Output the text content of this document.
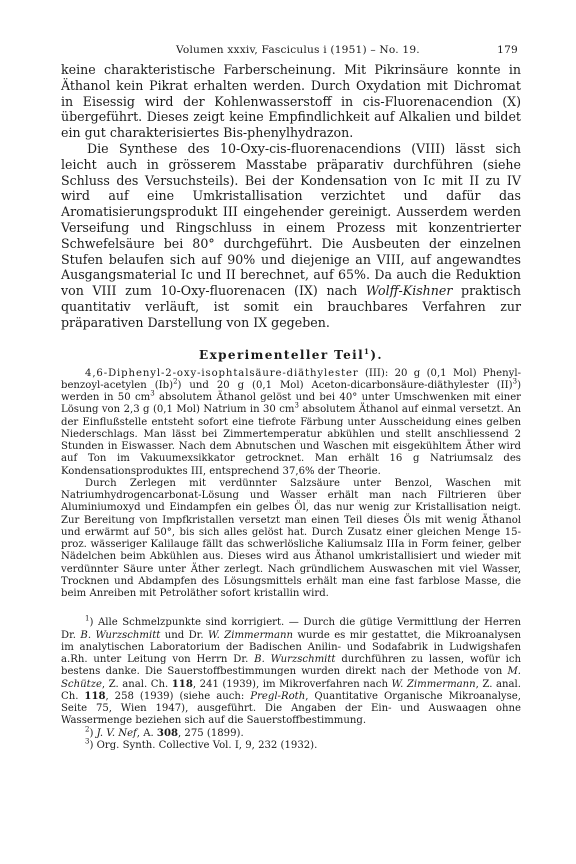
Volumen xxxiv, Fasciculus i (1951) – No. 19.	179

keine charakteristische Farberscheinung. Mit Pikrinsäure konnte in Äthanol kein Pikrat erhalten werden. Durch Oxydation mit Dichromat in Eisessig wird der Kohlenwasserstoff in cis-Fluorenacendion (X) übergeführt. Dieses zeigt keine Empfindlichkeit auf Alkalien und bildet ein gut charakterisiertes Bis-phenylhydrazon.

Die Synthese des 10-Oxy-cis-fluorenacendions (VIII) lässt sich leicht auch in grösserem Masstabe präparativ durchführen (siehe Schluss des Versuchsteils). Bei der Kondensation von Ic mit II zu IV wird auf eine Umkristallisation verzichtet und dafür das Aromatisierungsprodukt III eingehender gereinigt. Ausserdem werden Verseifung und Ringschluss in einem Prozess mit konzentrierter Schwefelsäure bei 80° durchgeführt. Die Ausbeuten der einzelnen Stufen belaufen sich auf 90% und diejenige an VIII, auf angewandtes Ausgangsmaterial Ic und II berechnet, auf 65%. Da auch die Reduktion von VIII zum 10-Oxy-fluorenacen (IX) nach Wolff-Kishner praktisch quantitativ verläuft, ist somit ein brauchbares Verfahren zur präparativen Darstellung von IX gegeben.

Experimenteller Teil$^1$).

4,6-Diphenyl-2-oxy-isophtalsäure-diäthylester (III): 20 g (0,1 Mol) Phenyl-benzoyl-acetylen $(Ib)^2$) und 20 g (0,1 Mol) Aceton-dicarbonsäure-diäthylester (II)$^3$) werden in 50 $cm^3$ absolutem Äthanol gelöst und bei 40° unter Umschwenken mit einer Lösung von 2,3 g (0,1 Mol) Natrium in 30 $cm^3$ absolutem Äthanol auf einmal versetzt. An der Einflußstelle entsteht sofort eine tiefrote Färbung unter Ausscheidung eines gelben Niederschlags. Man lässt bei Zimmertemperatur abkühlen und stellt anschliessend 2 Stunden in Eiswasser. Nach dem Abnutschen und Waschen mit eisgekühltem Äther wird auf Ton im Vakuumexsikkator getrocknet. Man erhält 16 g Natriumsalz des Kondensationsproduktes III, entsprechend 37,6% der Theorie.

Durch Zerlegen mit verdünnter Salzsäure unter Benzol, Waschen mit Natriumhydrogencarbonat-Lösung und Wasser erhält man nach Filtrieren über Aluminiumoxyd und Eindampfen ein gelbes Öl, das nur wenig zur Kristallisation neigt. Zur Bereitung von Impfkristallen versetzt man einen Teil dieses Öls mit wenig Äthanol und erwärmt auf 50°, bis sich alles gelöst hat. Durch Zusatz einer gleichen Menge 15-proz. wässeriger Kalilauge fällt das schwerlösliche Kaliumsalz IIIa in Form feiner, gelber Nädelchen beim Abkühlen aus. Dieses wird aus Äthanol umkristallisiert und wieder mit verdünnter Säure unter Äther zerlegt. Nach gründlichem Auswaschen mit viel Wasser, Trocknen und Abdampfen des Lösungsmittels erhält man eine fast farblose Masse, die beim Anreiben mit Petroläther sofort kristallin wird.

$^1$) Alle Schmelzpunkte sind korrigiert. — Durch die gütige Vermittlung der Herren Dr. B. Wurzschmitt und Dr. W. Zimmermann wurde es mir gestattet, die Mikroanalysen im analytischen Laboratorium der Badischen Anilin- und Sodafabrik in Ludwigshafen a.Rh. unter Leitung von Herrn Dr. B. Wurzschmitt durchführen zu lassen, wofür ich bestens danke. Die Sauerstoffbestimmungen wurden direkt nach der Methode von M. Schütze, Z. anal. Ch. 118, 241 (1939), im Mikroverfahren nach W. Zimmermann, Z. anal. Ch. 118, 258 (1939) (siehe auch: Pregl-Roth, Quantitative Organische Mikroanalyse, Seite 75, Wien 1947), ausgeführt. Die Angaben der Ein- und Auswaagen ohne Wassermenge beziehen sich auf die Sauerstoffbestimmung.

$^2$) J. V. Nef, A. 308, 275 (1899).

$^3$) Org. Synth. Collective Vol. I, 9, 232 (1932).
